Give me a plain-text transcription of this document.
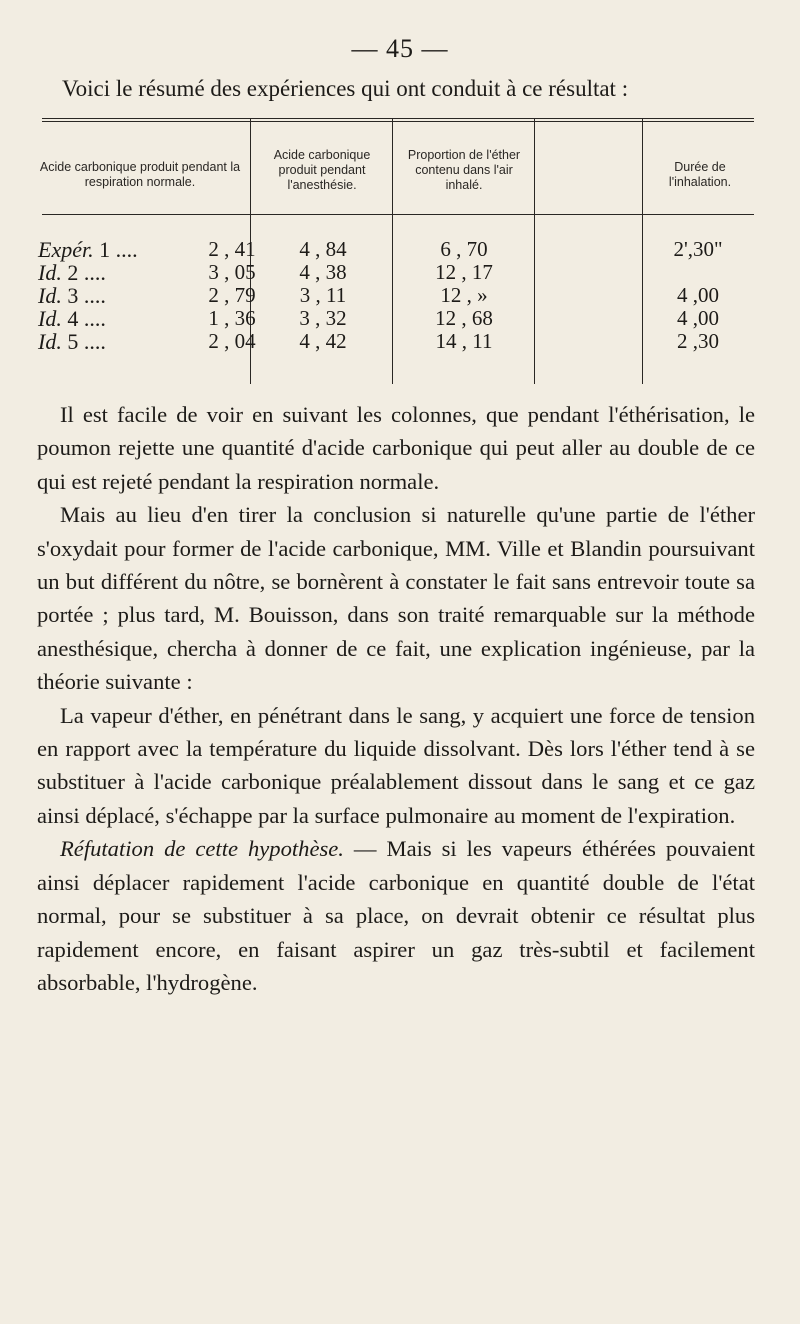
— 45 —
Voici le résumé des expériences qui ont conduit à ce résultat :
Acide carbonique produit pendant la respiration normale.
Acide carbonique produit pendant l'anesthésie.
Proportion de l'éther contenu dans l'air inhalé.
Durée de l'inhalation.
Expér. 1 ....	2 , 41	4 , 84	6 , 70	2',30"
Id. 2 ....	3 , 05	4 , 38	12 , 17
Id. 3 ....	2 , 79	3 , 11	12 , »	4 ,00
Id. 4 ....	1 , 36	3 , 32	12 , 68	4 ,00
Id. 5 ....	2 , 04	4 , 42	14 , 11	2 ,30

Il est facile de voir en suivant les colonnes, que pendant l'éthérisation, le poumon rejette une quantité d'acide carbonique qui peut aller au double de ce qui est rejeté pendant la respiration normale.

Mais au lieu d'en tirer la conclusion si naturelle qu'une partie de l'éther s'oxydait pour former de l'acide carbonique, MM. Ville et Blandin poursuivant un but différent du nôtre, se bornèrent à constater le fait sans entrevoir toute sa portée ; plus tard, M. Bouisson, dans son traité remarquable sur la méthode anesthésique, chercha à donner de ce fait, une explication ingénieuse, par la théorie suivante :

La vapeur d'éther, en pénétrant dans le sang, y acquiert une force de tension en rapport avec la température du liquide dissolvant. Dès lors l'éther tend à se substituer à l'acide carbonique préalablement dissout dans le sang et ce gaz ainsi déplacé, s'échappe par la surface pulmonaire au moment de l'expiration.

Réfutation de cette hypothèse. — Mais si les vapeurs éthérées pouvaient ainsi déplacer rapidement l'acide carbonique en quantité double de l'état normal, pour se substituer à sa place, on devrait obtenir ce résultat plus rapidement encore, en faisant aspirer un gaz très-subtil et facilement absorbable, l'hydrogène.
